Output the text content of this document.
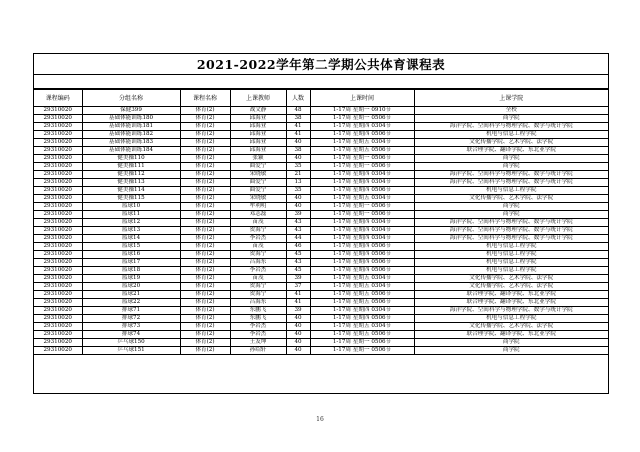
2021-2022学年第二学期公共体育课程表
课程编码	分组名称	课程名称	上课教师	人数	上课时间	上课学院
29310020	保健399	体育(2)	战文静	48	1-17周 星期一 0910节	全校
29310020	基础体能训练180	体育(2)	邱海业	38	1-17周 星期一 0506节	商学院
29310020	基础体能训练181	体育(2)	邱海业	41	1-17周 星期四 0304节	海洋学院、空间科学与物理学院、数学与统计学院
29310020	基础体能训练182	体育(2)	邱海业	41	1-17周 星期四 0506节	机电与信息工程学院
29310020	基础体能训练183	体育(2)	邱海业	40	1-17周 星期五 0304节	文化传播学院、艺术学院、法学院
29310020	基础体能训练184	体育(2)	邱海业	38	1-17周 星期五 0506节	联合理学院、翻译学院、东北亚学院
29310020	健美操110	体育(2)	张颖	40	1-17周 星期一 0506节	商学院
29310020	健美操111	体育(2)	曲爱宁	35	1-17周 星期一 0506节	商学院
29310020	健美操112	体育(2)	宋晓敏	21	1-17周 星期四 0304节	海洋学院、空间科学与物理学院、数学与统计学院
29310020	健美操113	体育(2)	曲爱宁	13	1-17周 星期四 0304节	海洋学院、空间科学与物理学院、数学与统计学院
29310020	健美操114	体育(2)	曲爱宁	35	1-17周 星期四 0506节	机电与信息工程学院
29310020	健美操115	体育(2)	宋晓敏	40	1-17周 星期五 0304节	文化传播学院、艺术学院、法学院
29310020	篮球10	体育(2)	牟利明	40	1-17周 星期一 0506节	商学院
29310020	篮球11	体育(2)	邓志磊	39	1-17周 星期一 0506节	商学院
29310020	篮球12	体育(2)	苗茂	43	1-17周 星期四 0304节	海洋学院、空间科学与物理学院、数学与统计学院
29310020	篮球13	体育(2)	贺海宁	43	1-17周 星期四 0304节	海洋学院、空间科学与物理学院、数学与统计学院
29310020	篮球14	体育(2)	李岩杰	44	1-17周 星期四 0304节	海洋学院、空间科学与物理学院、数学与统计学院
29310020	篮球15	体育(2)	苗茂	46	1-17周 星期四 0506节	机电与信息工程学院
29310020	篮球16	体育(2)	贺海宁	45	1-17周 星期四 0506节	机电与信息工程学院
29310020	篮球17	体育(2)	吕海东	43	1-17周 星期四 0506节	机电与信息工程学院
29310020	篮球18	体育(2)	李岩杰	45	1-17周 星期四 0506节	机电与信息工程学院
29310020	篮球19	体育(2)	苗茂	39	1-17周 星期五 0304节	文化传播学院、艺术学院、法学院
29310020	篮球20	体育(2)	贺海宁	37	1-17周 星期五 0304节	文化传播学院、艺术学院、法学院
29310020	篮球21	体育(2)	贺海宁	41	1-17周 星期五 0506节	联合理学院、翻译学院、东北亚学院
29310020	篮球22	体育(2)	吕海东	41	1-17周 星期五 0506节	联合理学院、翻译学院、东北亚学院
29310020	排球71	体育(2)	东鹏飞	39	1-17周 星期四 0304节	海洋学院、空间科学与物理学院、数学与统计学院
29310020	排球72	体育(2)	东鹏飞	40	1-17周 星期四 0506节	机电与信息工程学院
29310020	排球73	体育(2)	李岩杰	40	1-17周 星期五 0304节	文化传播学院、艺术学院、法学院
29310020	排球74	体育(2)	李岩杰	40	1-17周 星期五 0506节	联合理学院、翻译学院、东北亚学院
29310020	乒乓球150	体育(2)	王友坤	40	1-17周 星期一 0506节	商学院
29310020	乒乓球151	体育(2)	孙绍轩	40	1-17周 星期一 0506节	商学院
16
